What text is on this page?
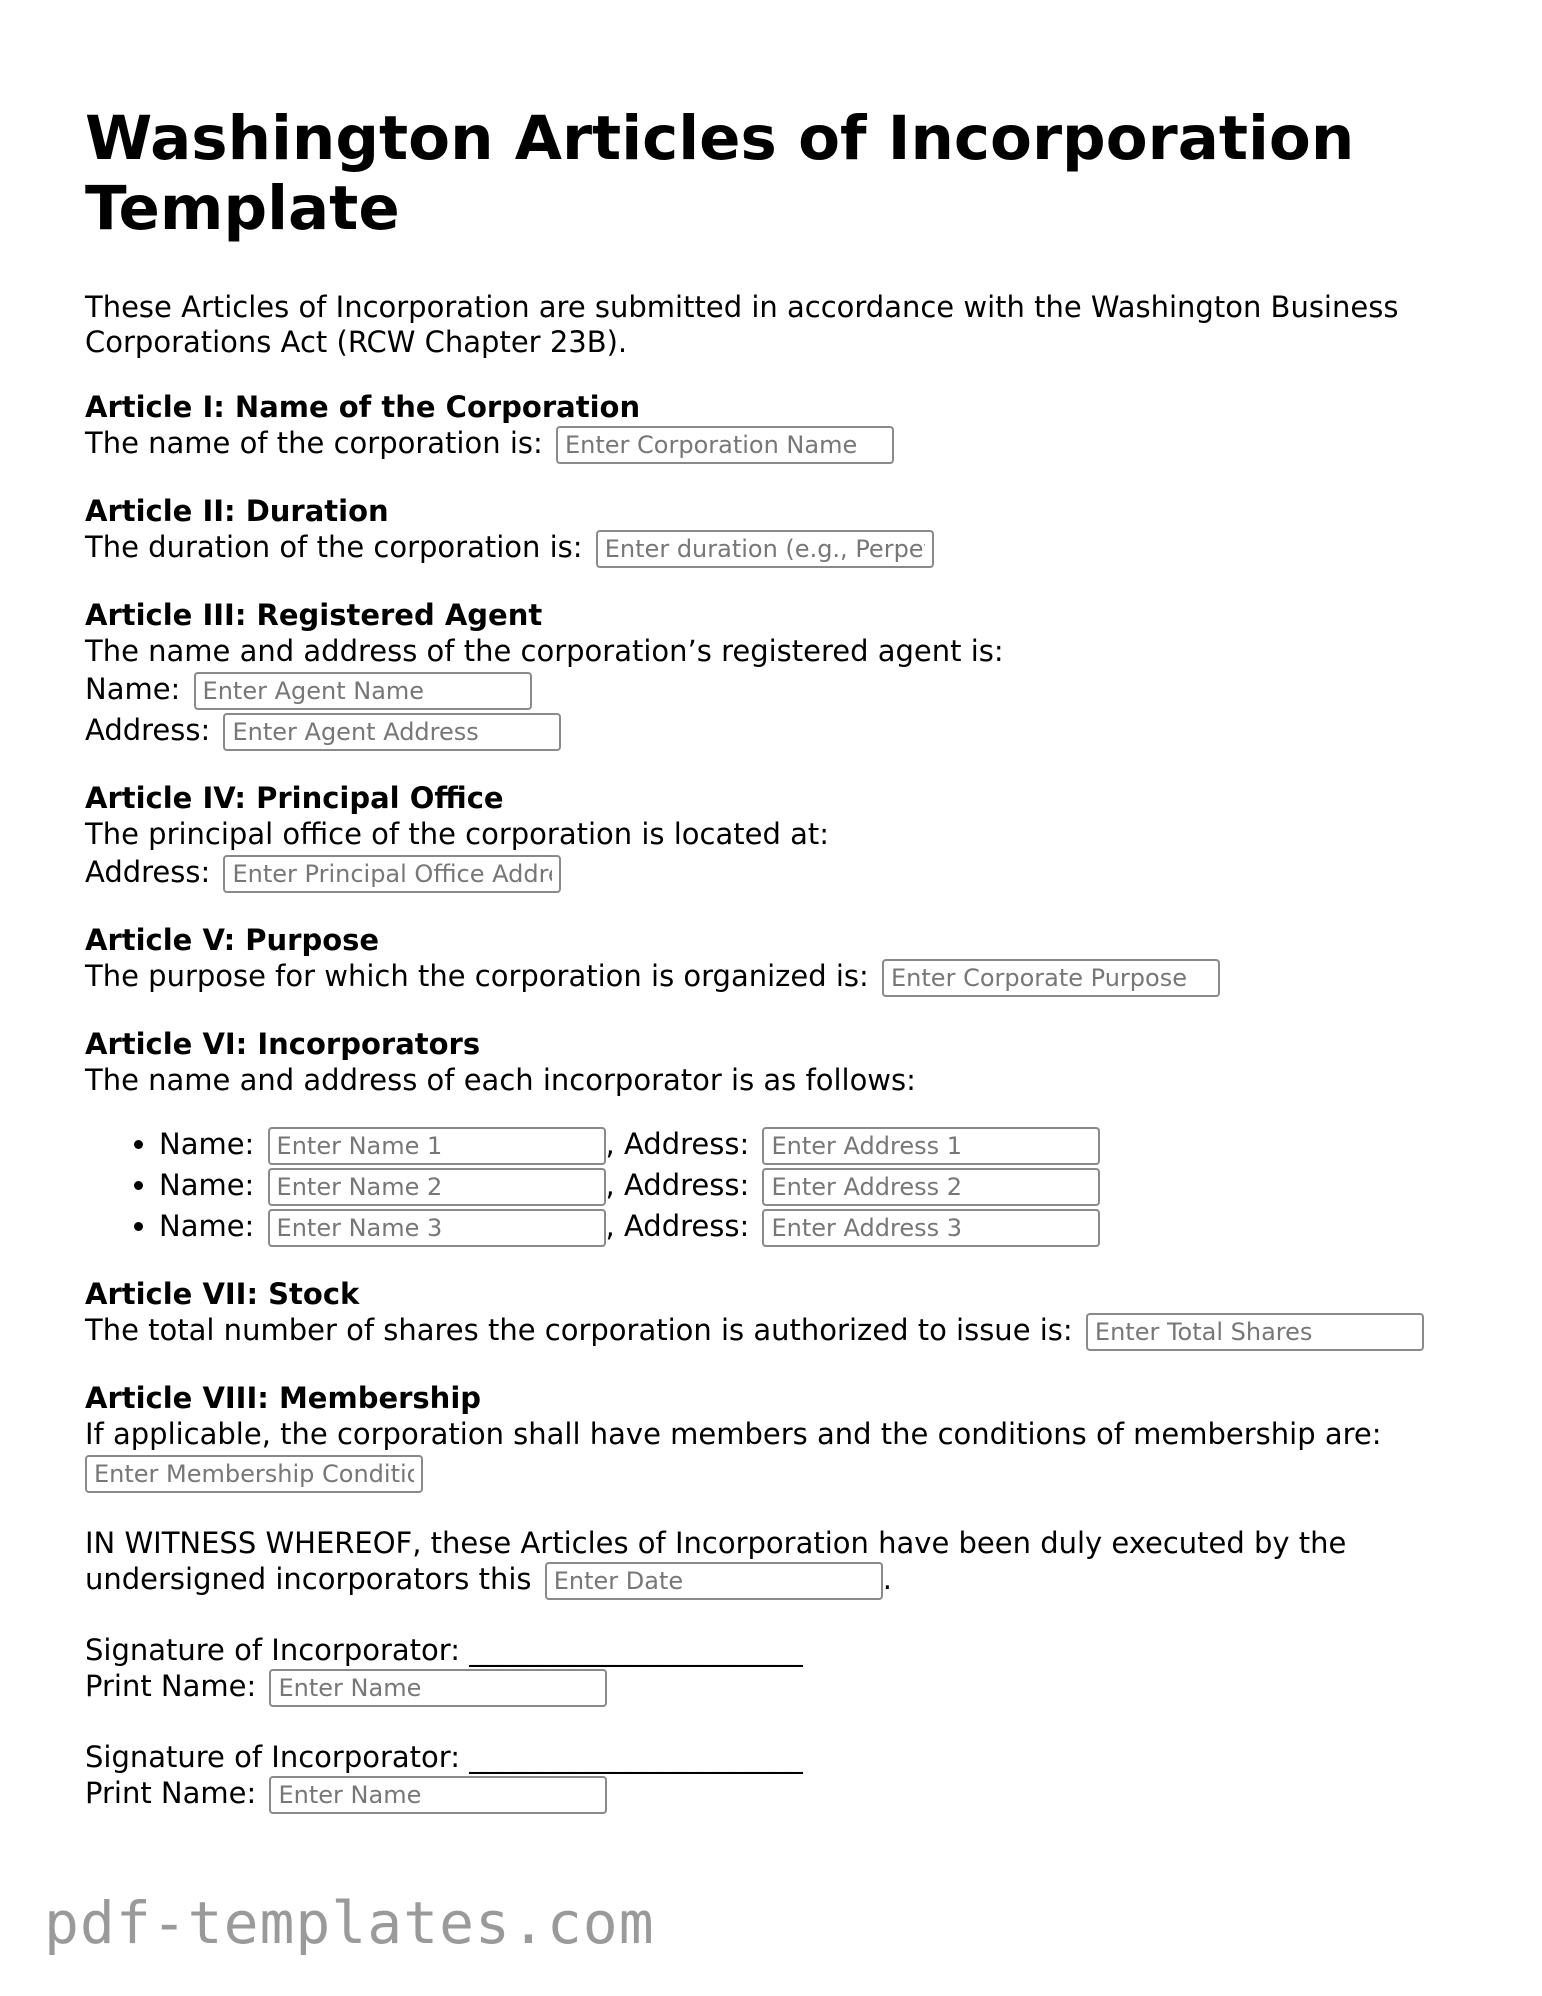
Washington Articles of Incorporation Template
These Articles of Incorporation are submitted in accordance with the Washington Business Corporations Act (RCW Chapter 23B).
Article I: Name of the Corporation
The name of the corporation is: Enter Corporation Name
Article II: Duration
The duration of the corporation is: Enter duration (e.g., Perpetual)
Article III: Registered Agent
The name and address of the corporation’s registered agent is:
Name: Enter Agent Name
Address: Enter Agent Address
Article IV: Principal Office
The principal office of the corporation is located at:
Address: Enter Principal Office Address
Article V: Purpose
The purpose for which the corporation is organized is: Enter Corporate Purpose
Article VI: Incorporators
The name and address of each incorporator is as follows:
• Name: Enter Name 1	, Address: Enter Address 1
• Name: Enter Name 2	, Address: Enter Address 2
• Name: Enter Name 3	, Address: Enter Address 3
Article VII: Stock
The total number of shares the corporation is authorized to issue is: Enter Total Shares
Article VIII: Membership
If applicable, the corporation shall have members and the conditions of membership are:
Enter Membership Conditions
IN WITNESS WHEREOF, these Articles of Incorporation have been duly executed by the undersigned incorporators this Enter Date	.
Signature of Incorporator: _______________________
Print Name: Enter Name
Signature of Incorporator: _______________________
Print Name: Enter Name
pdf-templates.com
